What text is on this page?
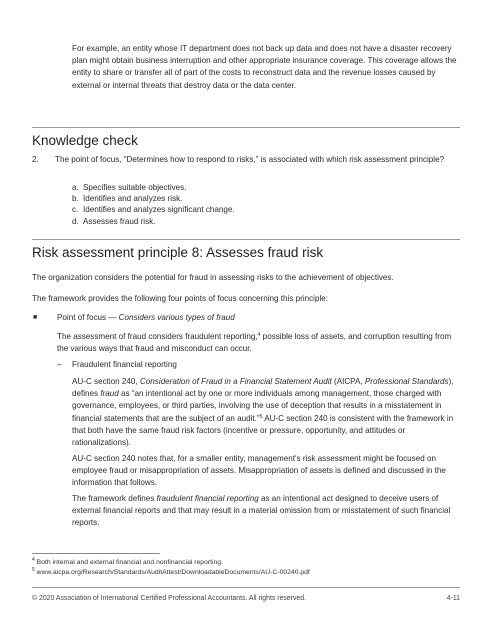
For example, an entity whose IT department does not back up data and does not have a disaster recovery plan might obtain business interruption and other appropriate insurance coverage. This coverage allows the entity to share or transfer all of part of the costs to reconstruct data and the revenue losses caused by external or internal threats that destroy data or the data center.
Knowledge check
2. The point of focus, “Determines how to respond to risks,” is associated with which risk assessment principle?
a. Specifies suitable objectives.
b. Identifies and analyzes risk.
c. Identifies and analyzes significant change.
d. Assesses fraud risk.
Risk assessment principle 8: Assesses fraud risk
The organization considers the potential for fraud in assessing risks to the achievement of objectives.
The framework provides the following four points of focus concerning this principle:
■ Point of focus — Considers various types of fraud
The assessment of fraud considers fraudulent reporting,$^4$ possible loss of assets, and corruption resulting from the various ways that fraud and misconduct can occur.
– Fraudulent financial reporting
AU-C section 240, Consideration of Fraud in a Financial Statement Audit (AICPA, Professional Standards), defines fraud as “an intentional act by one or more individuals among management, those charged with governance, employees, or third parties, involving the use of deception that results in a misstatement in financial statements that are the subject of an audit.”$^5$ AU-C section 240 is consistent with the framework in that both have the same fraud risk factors (incentive or pressure, opportunity, and attitudes or rationalizations).
AU-C section 240 notes that, for a smaller entity, management's risk assessment might be focused on employee fraud or misappropriation of assets. Misappropriation of assets is defined and discussed in the information that follows.
The framework defines fraudulent financial reporting as an intentional act designed to deceive users of external financial reports and that may result in a material omission from or misstatement of such financial reports.
$^4$ Both internal and external financial and nonfinancial reporting.
$^5$ www.aicpa.org/Research/Standards/AuditAttest/DownloadableDocuments/AU-C-00240.pdf
© 2020 Association of International Certified Professional Accountants. All rights reserved.	4-11
